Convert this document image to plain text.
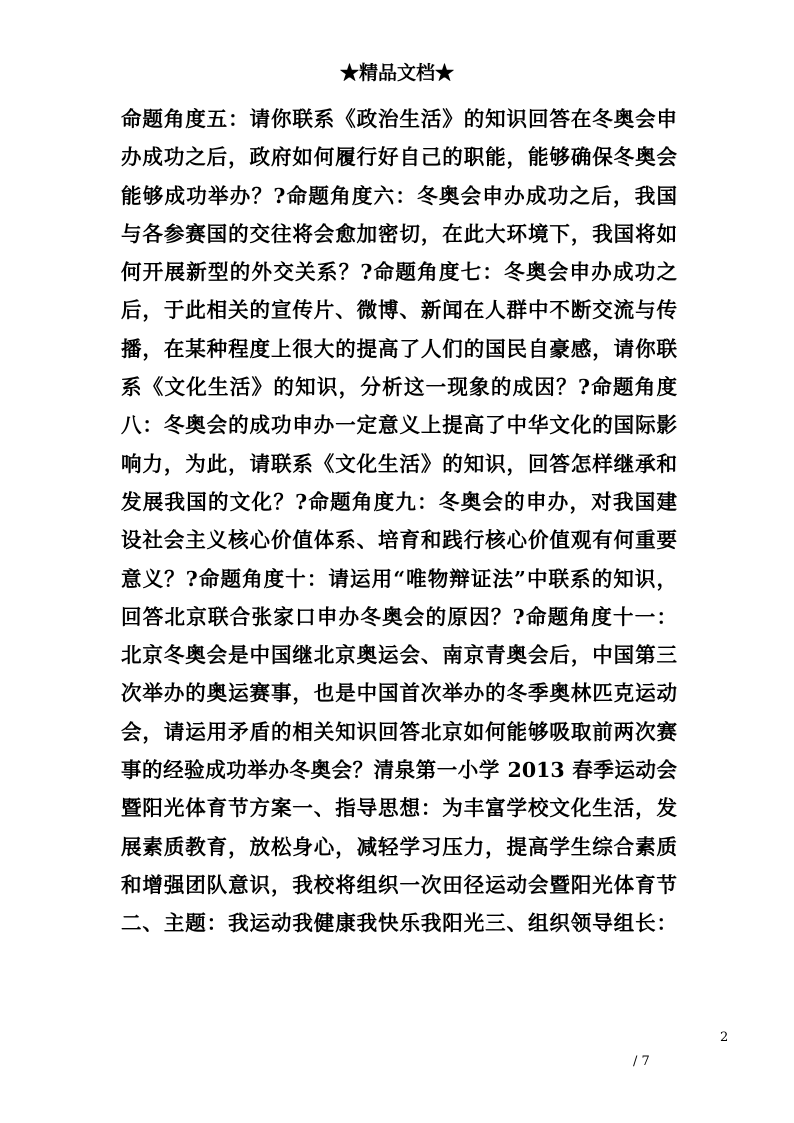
★精品文档★
命题角度五：请你联系《政治生活》的知识回答在冬奥会申
办成功之后，政府如何履行好自己的职能，能够确保冬奥会
能够成功举办？?命题角度六：冬奥会申办成功之后，我国
与各参赛国的交往将会愈加密切，在此大环境下，我国将如
何开展新型的外交关系？?命题角度七：冬奥会申办成功之
后，于此相关的宣传片、微博、新闻在人群中不断交流与传
播，在某种程度上很大的提高了人们的国民自豪感，请你联
系《文化生活》的知识，分析这一现象的成因？?命题角度
八：冬奥会的成功申办一定意义上提高了中华文化的国际影
响力，为此，请联系《文化生活》的知识，回答怎样继承和
发展我国的文化？?命题角度九：冬奥会的申办，对我国建
设社会主义核心价值体系、培育和践行核心价值观有何重要
意义？?命题角度十：请运用“唯物辩证法”中联系的知识，
回答北京联合张家口申办冬奥会的原因？?命题角度十一：
北京冬奥会是中国继北京奥运会、南京青奥会后，中国第三
次举办的奥运赛事，也是中国首次举办的冬季奥林匹克运动
会，请运用矛盾的相关知识回答北京如何能够吸取前两次赛
事的经验成功举办冬奥会？清泉第一小学 2013 春季运动会
暨阳光体育节方案一、指导思想：为丰富学校文化生活，发
展素质教育，放松身心，减轻学习压力，提高学生综合素质
和增强团队意识，我校将组织一次田径运动会暨阳光体育节
二、主题：我运动我健康我快乐我阳光三、组织领导组长：
2
/ 7
